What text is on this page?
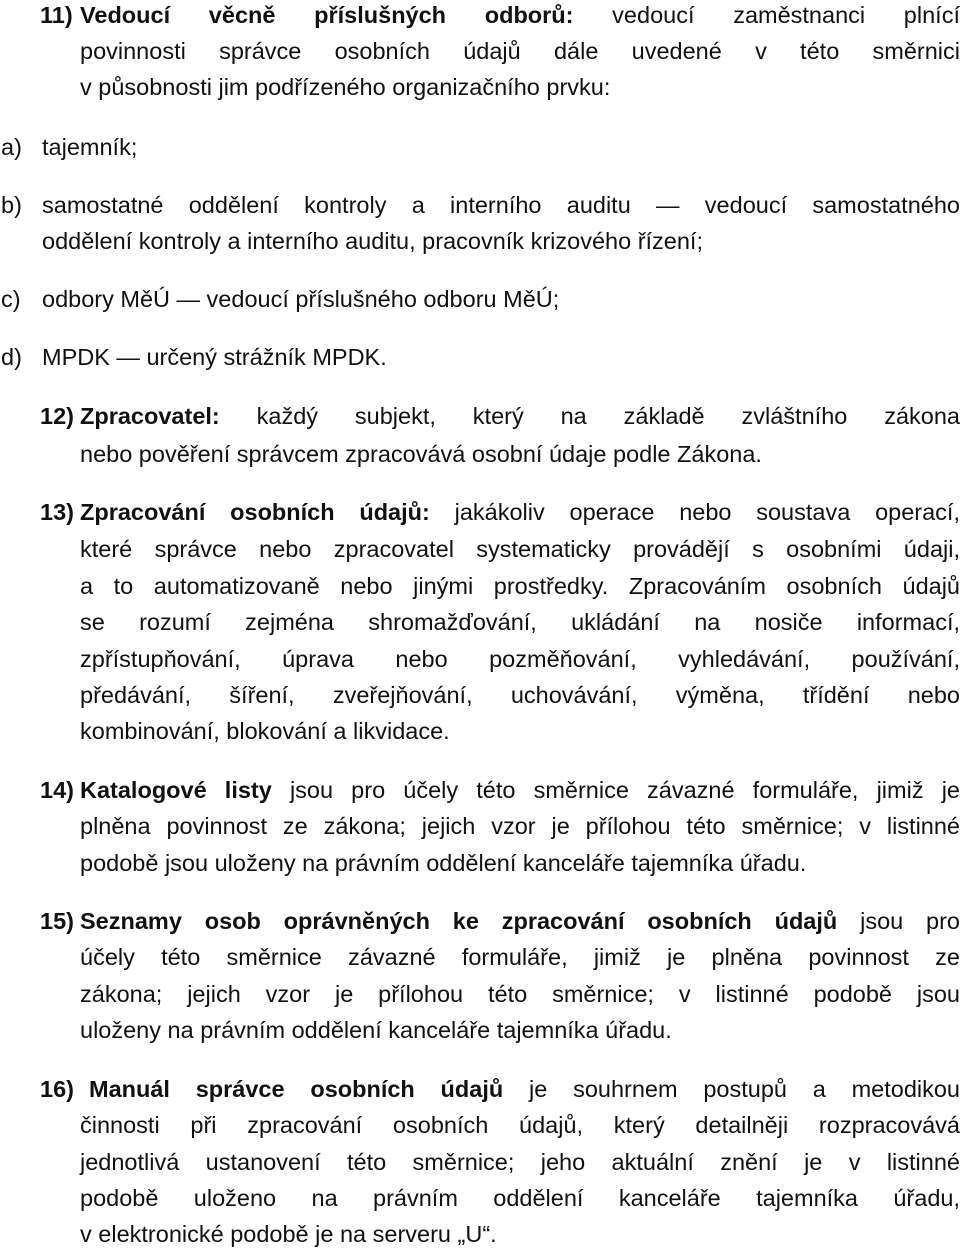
11) Vedoucí věcně příslušných odborů: vedoucí zaměstnanci plnící
povinnosti správce osobních údajů dále uvedené v této směrnici
v působnosti jim podřízeného organizačního prvku:
a) tajemník;
b) samostatné oddělení kontroly a interního auditu — vedoucí samostatného
oddělení kontroly a interního auditu, pracovník krizového řízení;
c) odbory MěÚ — vedoucí příslušného odboru MěÚ;
d) MPDK — určený strážník MPDK.
12) Zpracovatel: každý subjekt, který na základě zvláštního zákona
nebo pověření správcem zpracovává osobní údaje podle Zákona.
13) Zpracování osobních údajů: jakákoliv operace nebo soustava operací,
které správce nebo zpracovatel systematicky provádějí s osobními údaji,
a to automatizovaně nebo jinými prostředky. Zpracováním osobních údajů
se rozumí zejména shromažďování, ukládání na nosiče informací,
zpřístupňování, úprava nebo pozměňování, vyhledávání, používání,
předávání, šíření, zveřejňování, uchovávání, výměna, třídění nebo
kombinování, blokování a likvidace.
14) Katalogové listy jsou pro účely této směrnice závazné formuláře, jimiž je
plněna povinnost ze zákona; jejich vzor je přílohou této směrnice; v listinné
podobě jsou uloženy na právním oddělení kanceláře tajemníka úřadu.
15) Seznamy osob oprávněných ke zpracování osobních údajů jsou pro
účely této směrnice závazné formuláře, jimiž je plněna povinnost ze
zákona; jejich vzor je přílohou této směrnice; v listinné podobě jsou
uloženy na právním oddělení kanceláře tajemníka úřadu.
16) Manuál správce osobních údajů je souhrnem postupů a metodikou
činnosti při zpracování osobních údajů, který detailněji rozpracovává
jednotlivá ustanovení této směrnice; jeho aktuální znění je v listinné
podobě uloženo na právním oddělení kanceláře tajemníka úřadu,
v elektronické podobě je na serveru „U“.
